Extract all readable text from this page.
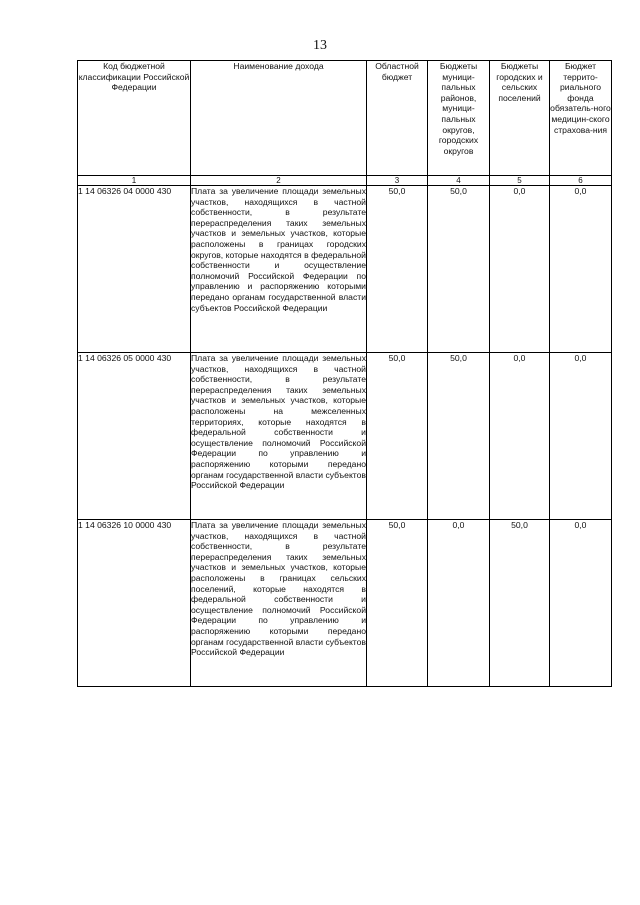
13
Код бюджетной классификации Российской Федерации	Наименование дохода	Областной бюджет	Бюджеты муници-пальных районов, муници-пальных округов, городских округов	Бюджеты городских и сельских поселений	Бюджет террито-риального фонда обязатель-ного медицин-ского страхова-ния
1	2	3	4	5	6
1 14 06326 04 0000 430	Плата за увеличение площади земельных участков, находящихся в частной собственности, в результате перераспределения таких земельных участков и земельных участков, которые расположены в границах городских округов, которые находятся в федеральной собственности и осуществление полномочий Российской Федерации по управлению и распоряжению которыми передано органам государственной власти субъектов Российской Федерации	50,0	50,0	0,0	0,0
1 14 06326 05 0000 430	Плата за увеличение площади земельных участков, находящихся в частной собственности, в результате перераспределения таких земельных участков и земельных участков, которые расположены на межселенных территориях, которые находятся в федеральной собственности и осуществление полномочий Российской Федерации по управлению и распоряжению которыми передано органам государственной власти субъектов Российской Федерации	50,0	50,0	0,0	0,0
1 14 06326 10 0000 430	Плата за увеличение площади земельных участков, находящихся в частной собственности, в результате перераспределения таких земельных участков и земельных участков, которые расположены в границах сельских поселений, которые находятся в федеральной собственности и осуществление полномочий Российской Федерации по управлению и распоряжению которыми передано органам государственной власти субъектов Российской Федерации	50,0	0,0	50,0	0,0
